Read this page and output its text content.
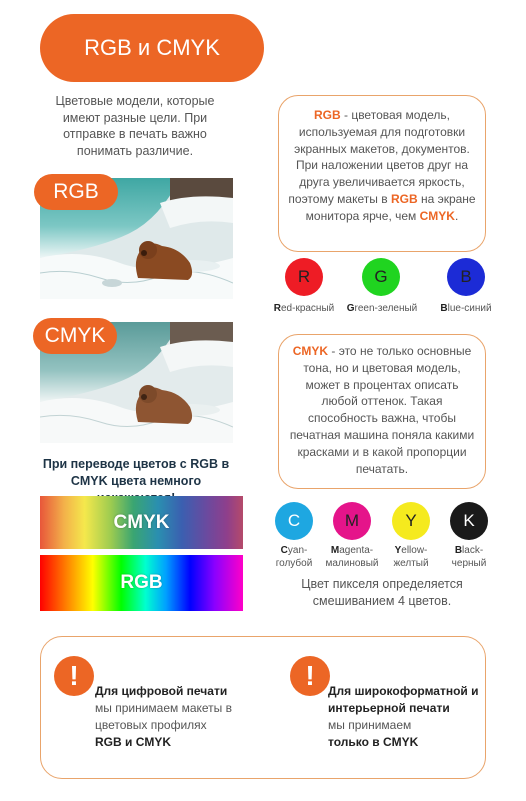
RGB и CMYK
Цветовые модели, которые имеют разные цели. При отправке в печать важно понимать различие.
RGB
RGB - цветовая модель, используемая для подготовки экранных макетов, документов. При наложении цветов друг на друга увеличивается яркость, поэтому макеты в RGB на экране монитора ярче, чем CMYK.
R
Red-красный
G
Green-зеленый
B
Blue-синий
CMYK
CMYK - это не только основные тона, но и цветовая модель, может в процентах описать любой оттенок. Такая способность важна, чтобы печатная машина поняла какими красками и в какой пропорции печатать.
При переводе цветов с RGB в CMYK цвета немного
CMYK
RGB
C
Cyan-
голубой
M
Magenta-
малиновый
Y
Yellow-
желтый
K
Black-
черный
Цвет пикселя определяется смешиванием 4 цветов.
!	Для цифровой печати
мы принимаем макеты в цветовых профилях
RGB и CMYK
!	Для широкоформатной и интерьерной печати
мы принимаем
только в CMYK
